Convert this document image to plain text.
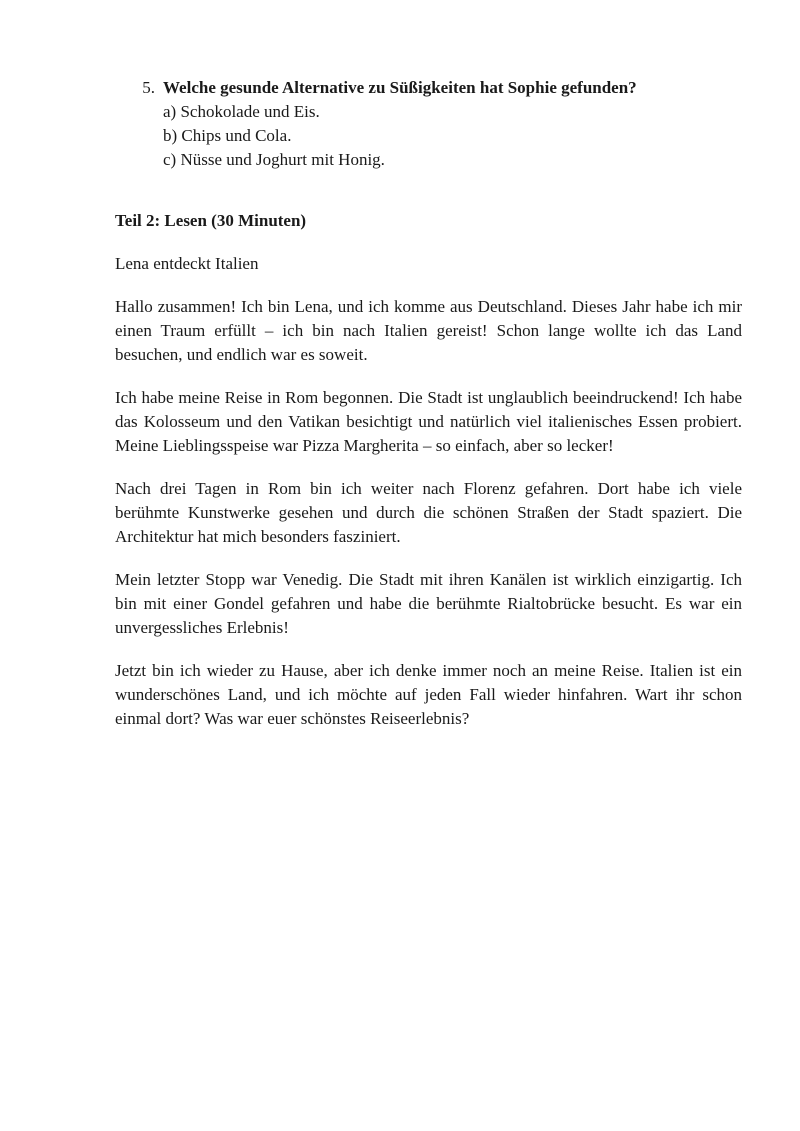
5. Welche gesunde Alternative zu Süßigkeiten hat Sophie gefunden?
a) Schokolade und Eis.
b) Chips und Cola.
c) Nüsse und Joghurt mit Honig.

Teil 2: Lesen (30 Minuten)

Lena entdeckt Italien

Hallo zusammen! Ich bin Lena, und ich komme aus Deutschland. Dieses Jahr habe ich mir einen Traum erfüllt – ich bin nach Italien gereist! Schon lange wollte ich das Land besuchen, und endlich war es soweit.

Ich habe meine Reise in Rom begonnen. Die Stadt ist unglaublich beeindruckend! Ich habe das Kolosseum und den Vatikan besichtigt und natürlich viel italienisches Essen probiert. Meine Lieblingsspeise war Pizza Margherita – so einfach, aber so lecker!

Nach drei Tagen in Rom bin ich weiter nach Florenz gefahren. Dort habe ich viele berühmte Kunstwerke gesehen und durch die schönen Straßen der Stadt spaziert. Die Architektur hat mich besonders fasziniert.

Mein letzter Stopp war Venedig. Die Stadt mit ihren Kanälen ist wirklich einzigartig. Ich bin mit einer Gondel gefahren und habe die berühmte Rialtobrücke besucht. Es war ein unvergessliches Erlebnis!

Jetzt bin ich wieder zu Hause, aber ich denke immer noch an meine Reise. Italien ist ein wunderschönes Land, und ich möchte auf jeden Fall wieder hinfahren. Wart ihr schon einmal dort? Was war euer schönstes Reiseerlebnis?
